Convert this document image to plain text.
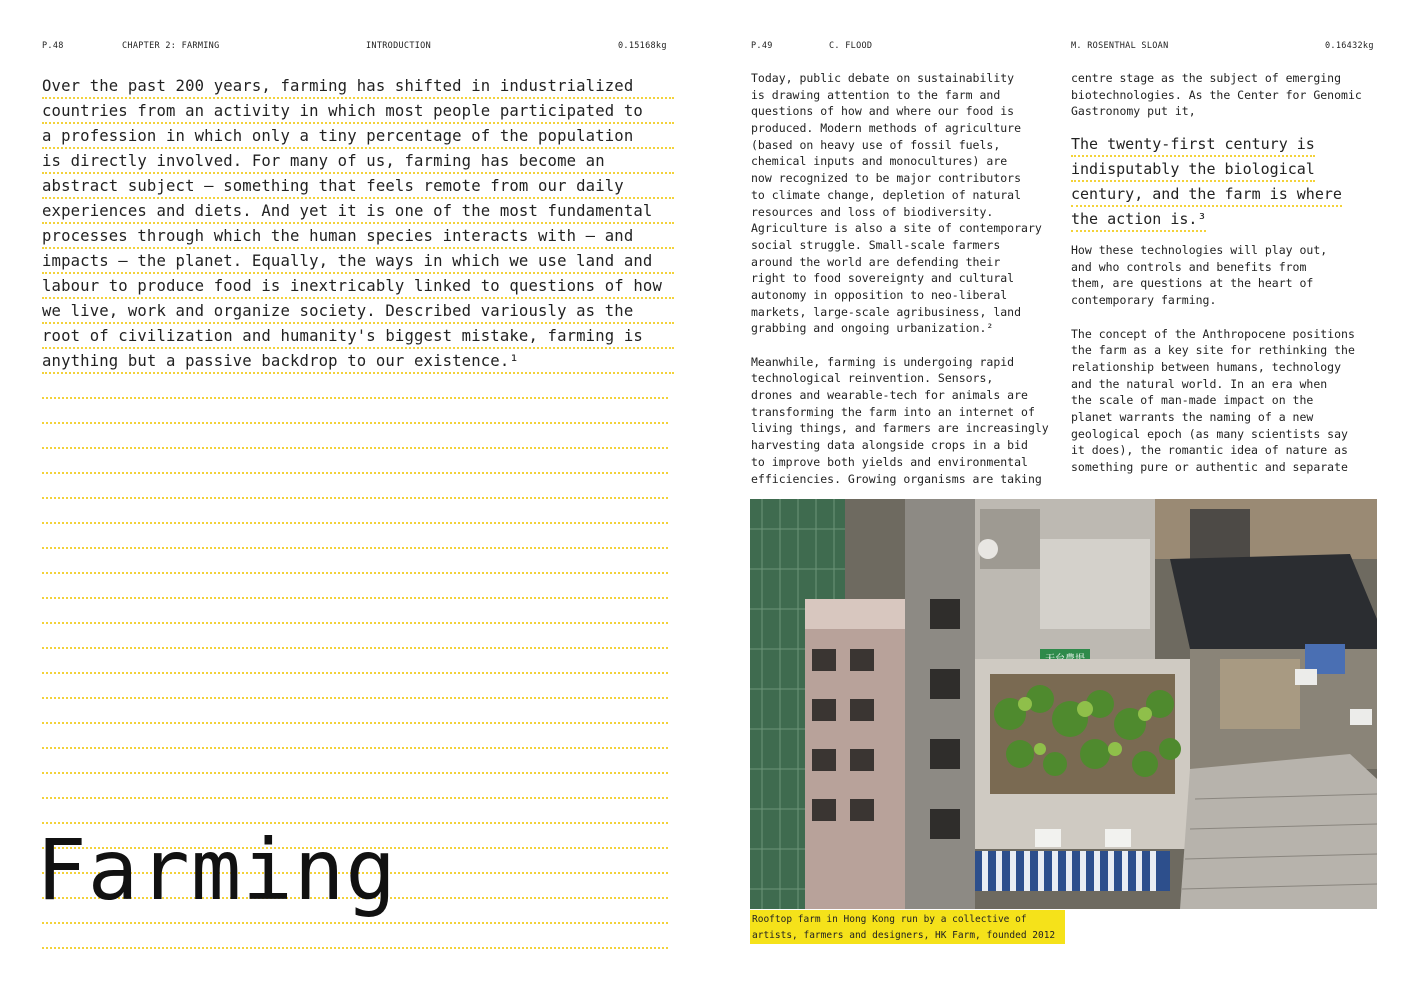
P.48	CHAPTER 2: FARMING	INTRODUCTION	0.15168kg
Over the past 200 years, farming has shifted in industrialized
countries from an activity in which most people participated to
a profession in which only a tiny percentage of the population
is directly involved. For many of us, farming has become an
abstract subject – something that feels remote from our daily
experiences and diets. And yet it is one of the most fundamental
processes through which the human species interacts with – and
impacts – the planet. Equally, the ways in which we use land and
labour to produce food is inextricably linked to questions of how
we live, work and organize society. Described variously as the
root of civilization and humanity's biggest mistake, farming is
anything but a passive backdrop to our existence.¹
Farming
P.49	C. FLOOD	M. ROSENTHAL SLOAN	0.16432kg
Today, public debate on sustainability
is drawing attention to the farm and
questions of how and where our food is
produced. Modern methods of agriculture
(based on heavy use of fossil fuels,
chemical inputs and monocultures) are
now recognized to be major contributors
to climate change, depletion of natural
resources and loss of biodiversity.
Agriculture is also a site of contemporary
social struggle. Small-scale farmers
around the world are defending their
right to food sovereignty and cultural
autonomy in opposition to neo-liberal
markets, large-scale agribusiness, land
grabbing and ongoing urbanization.²
Meanwhile, farming is undergoing rapid
technological reinvention. Sensors,
drones and wearable-tech for animals are
transforming the farm into an internet of
living things, and farmers are increasingly
harvesting data alongside crops in a bid
to improve both yields and environmental
efficiencies. Growing organisms are taking
centre stage as the subject of emerging
biotechnologies. As the Center for Genomic
Gastronomy put it,
The twenty-first century is
indisputably the biological
century, and the farm is where
the action is.³
How these technologies will play out,
and who controls and benefits from
them, are questions at the heart of
contemporary farming.
The concept of the Anthropocene positions
the farm as a key site for rethinking the
relationship between humans, technology
and the natural world. In an era when
the scale of man-made impact on the
planet warrants the naming of a new
geological epoch (as many scientists say
it does), the romantic idea of nature as
something pure or authentic and separate
Rooftop farm in Hong Kong run by a collective of
artists, farmers and designers, HK Farm, founded 2012
